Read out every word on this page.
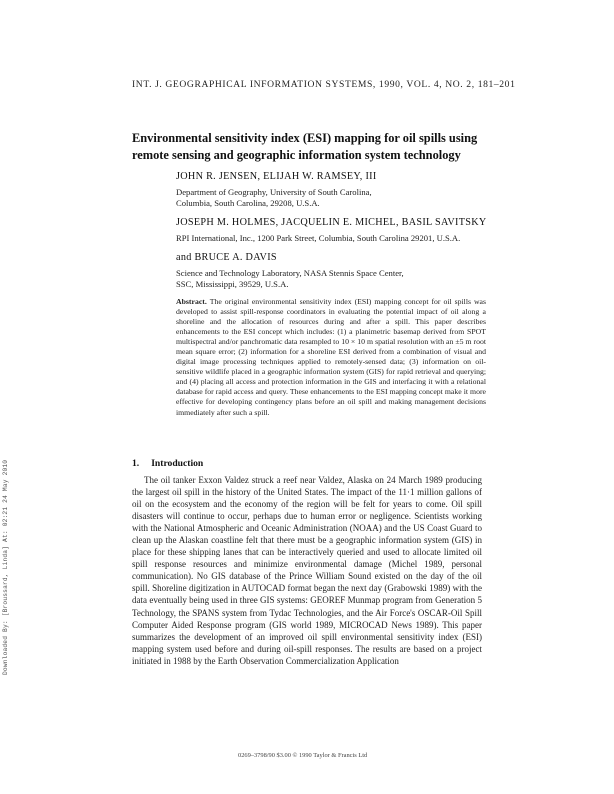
Downloaded By: [Broussard, Linda] At: 02:21 24 May 2010
INT. J. GEOGRAPHICAL INFORMATION SYSTEMS, 1990, VOL. 4, NO. 2, 181–201
Environmental sensitivity index (ESI) mapping for oil spills using remote sensing and geographic information system technology
JOHN R. JENSEN, ELIJAH W. RAMSEY, III
Department of Geography, University of South Carolina,
Columbia, South Carolina, 29208, U.S.A.
JOSEPH M. HOLMES, JACQUELIN E. MICHEL, BASIL SAVITSKY
RPI International, Inc., 1200 Park Street, Columbia, South Carolina 29201, U.S.A.
and BRUCE A. DAVIS
Science and Technology Laboratory, NASA Stennis Space Center,
SSC, Mississippi, 39529, U.S.A.
Abstract. The original environmental sensitivity index (ESI) mapping concept for oil spills was developed to assist spill-response coordinators in evaluating the potential impact of oil along a shoreline and the allocation of resources during and after a spill. This paper describes enhancements to the ESI concept which includes: (1) a planimetric basemap derived from SPOT multispectral and/or panchromatic data resampled to 10 × 10 m spatial resolution with an ±5 m root mean square error; (2) information for a shoreline ESI derived from a combination of visual and digital image processing techniques applied to remotely-sensed data; (3) information on oil-sensitive wildlife placed in a geographic information system (GIS) for rapid retrieval and querying; and (4) placing all access and protection information in the GIS and interfacing it with a relational database for rapid access and query. These enhancements to the ESI mapping concept make it more effective for developing contingency plans before an oil spill and making management decisions immediately after such a spill.
1. Introduction
The oil tanker Exxon Valdez struck a reef near Valdez, Alaska on 24 March 1989 producing the largest oil spill in the history of the United States. The impact of the 11·1 million gallons of oil on the ecosystem and the economy of the region will be felt for years to come. Oil spill disasters will continue to occur, perhaps due to human error or negligence. Scientists working with the National Atmospheric and Oceanic Administration (NOAA) and the US Coast Guard to clean up the Alaskan coastline felt that there must be a geographic information system (GIS) in place for these shipping lanes that can be interactively queried and used to allocate limited oil spill response resources and minimize environmental damage (Michel 1989, personal communication). No GIS database of the Prince William Sound existed on the day of the oil spill. Shoreline digitization in AUTOCAD format began the next day (Grabowski 1989) with the data eventually being used in three GIS systems: GEOREF Munmap program from Generation 5 Technology, the SPANS system from Tydac Technologies, and the Air Force's OSCAR-Oil Spill Computer Aided Response program (GIS world 1989, MICROCAD News 1989). This paper summarizes the development of an improved oil spill environmental sensitivity index (ESI) mapping system used before and during oil-spill responses. The results are based on a project initiated in 1988 by the Earth Observation Commercialization Application
0269–3798/90 $3.00 © 1990 Taylor & Francis Ltd
